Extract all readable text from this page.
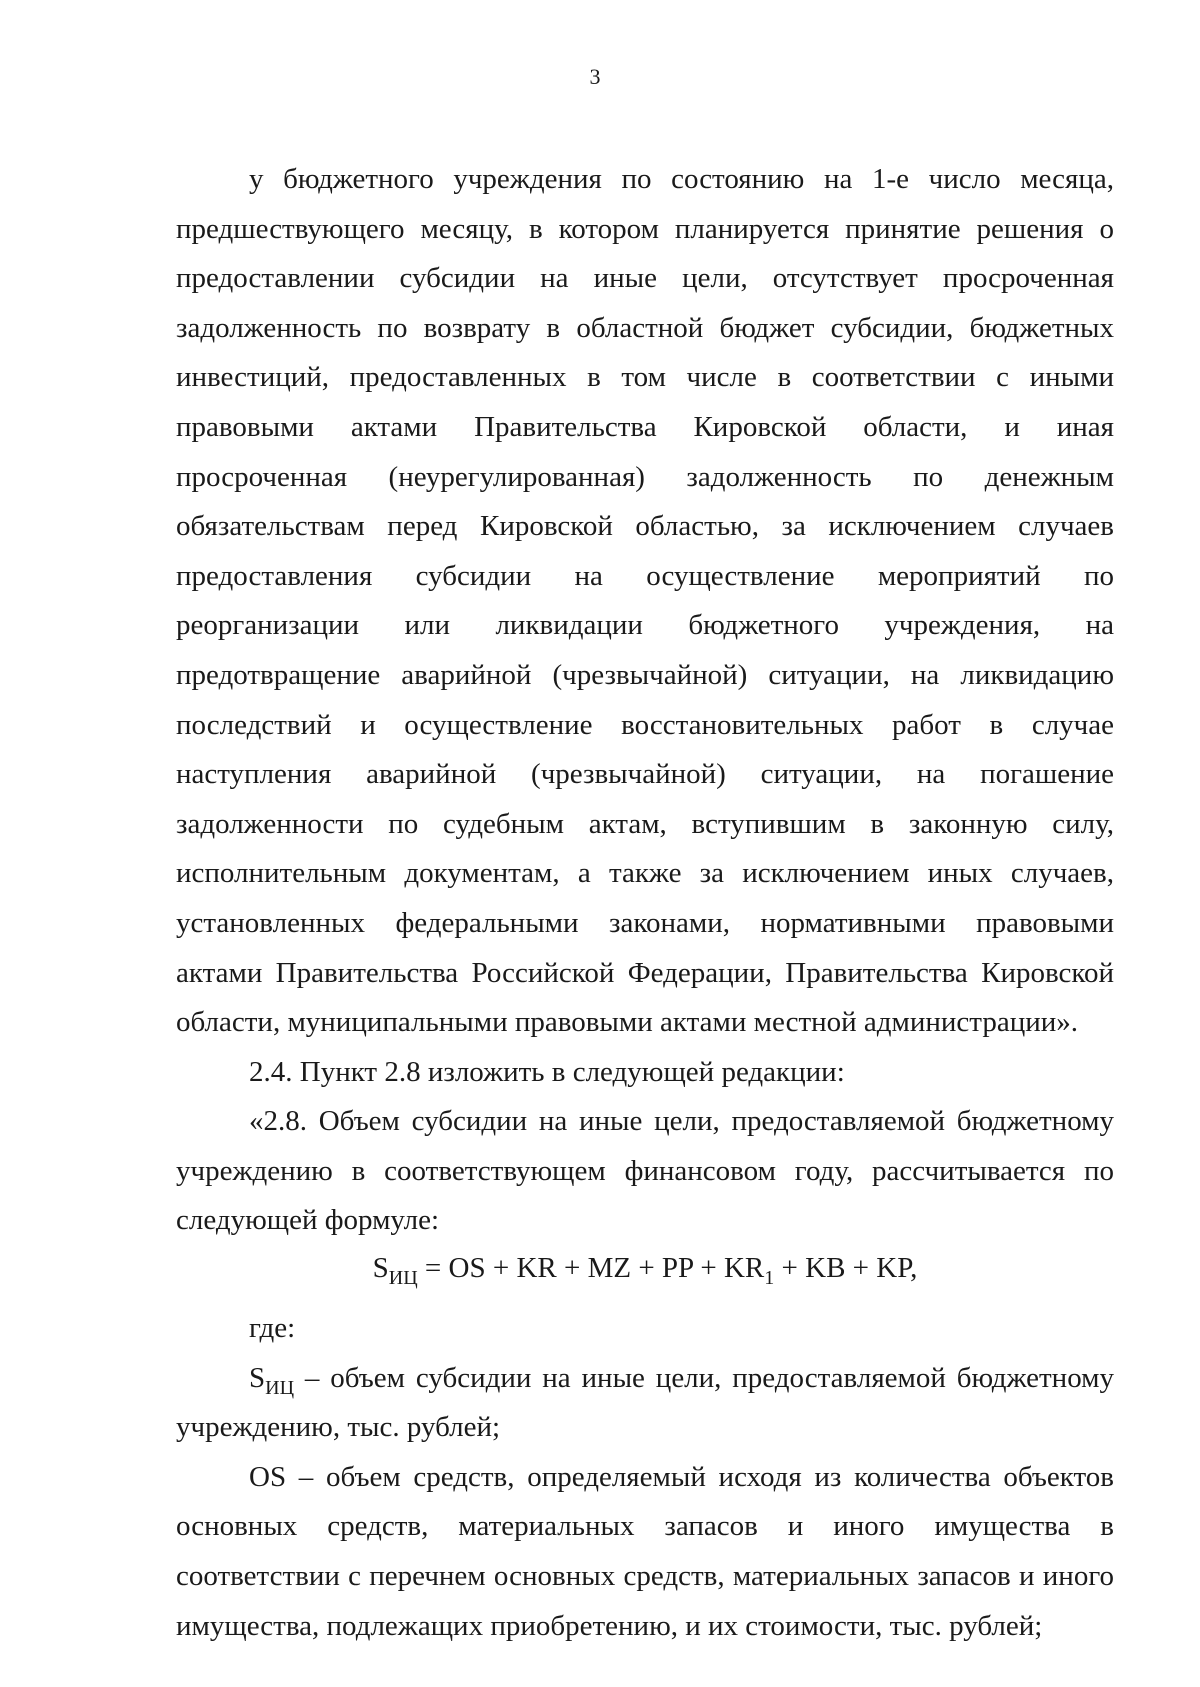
3

у бюджетного учреждения по состоянию на 1-е число месяца, предшествующего месяцу, в котором планируется принятие решения о предоставлении субсидии на иные цели, отсутствует просроченная задолженность по возврату в областной бюджет субсидии, бюджетных инвестиций, предоставленных в том числе в соответствии с иными правовыми актами Правительства Кировской области, и иная просроченная (неурегулированная) задолженность по денежным обязательствам перед Кировской областью, за исключением случаев предоставления субсидии на осуществление мероприятий по реорганизации или ликвидации бюджетного учреждения, на предотвращение аварийной (чрезвычайной) ситуации, на ликвидацию последствий и осуществление восстановительных работ в случае наступления аварийной (чрезвычайной) ситуации, на погашение задолженности по судебным актам, вступившим в законную силу, исполнительным документам, а также за исключением иных случаев, установленных федеральными законами, нормативными правовыми актами Правительства Российской Федерации, Правительства Кировской области, муниципальными правовыми актами местной администрации».

2.4. Пункт 2.8 изложить в следующей редакции:

«2.8. Объем субсидии на иные цели, предоставляемой бюджетному учреждению в соответствующем финансовом году, рассчитывается по следующей формуле:

$S_{ИЦ}$ = OS + KR + MZ + PP + $KR_1$ + KB + KP,

где:

$S_{ИЦ}$ – объем субсидии на иные цели, предоставляемой бюджетному учреждению, тыс. рублей;

OS – объем средств, определяемый исходя из количества объектов основных средств, материальных запасов и иного имущества в соответствии с перечнем основных средств, материальных запасов и иного имущества, подлежащих приобретению, и их стоимости, тыс. рублей;
